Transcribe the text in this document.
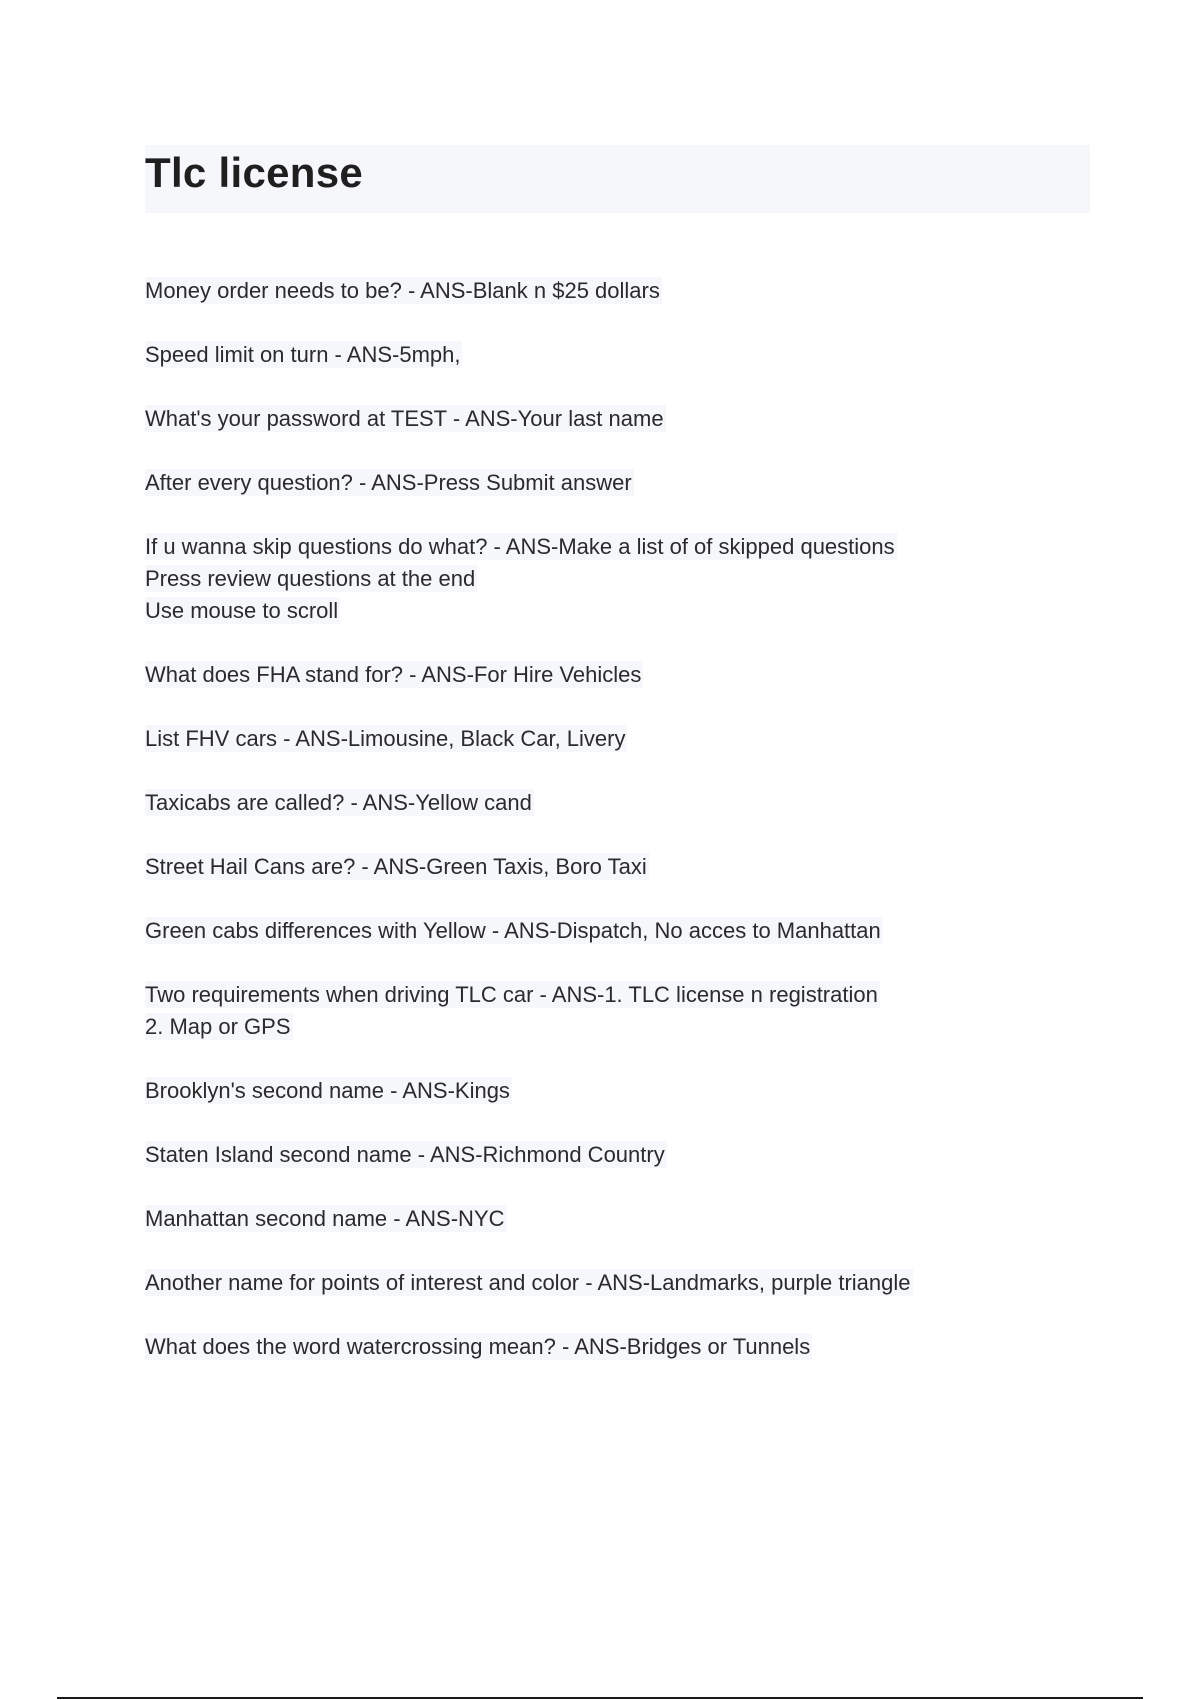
Tlc license
Money order needs to be? - ANS-Blank n $25 dollars
Speed limit on turn - ANS-5mph,
What's your password at TEST - ANS-Your last name
After every question? - ANS-Press Submit answer
If u wanna skip questions do what? - ANS-Make a list of of skipped questions
Press review questions at the end
Use mouse to scroll
What does FHA stand for? - ANS-For Hire Vehicles
List FHV cars - ANS-Limousine, Black Car, Livery
Taxicabs are called? - ANS-Yellow cand
Street Hail Cans are? - ANS-Green Taxis, Boro Taxi
Green cabs differences with Yellow - ANS-Dispatch, No acces to Manhattan
Two requirements when driving TLC car - ANS-1. TLC license n registration
2. Map or GPS
Brooklyn's second name - ANS-Kings
Staten Island second name - ANS-Richmond Country
Manhattan second name - ANS-NYC
Another name for points of interest and color - ANS-Landmarks, purple triangle
What does the word watercrossing mean? - ANS-Bridges or Tunnels
